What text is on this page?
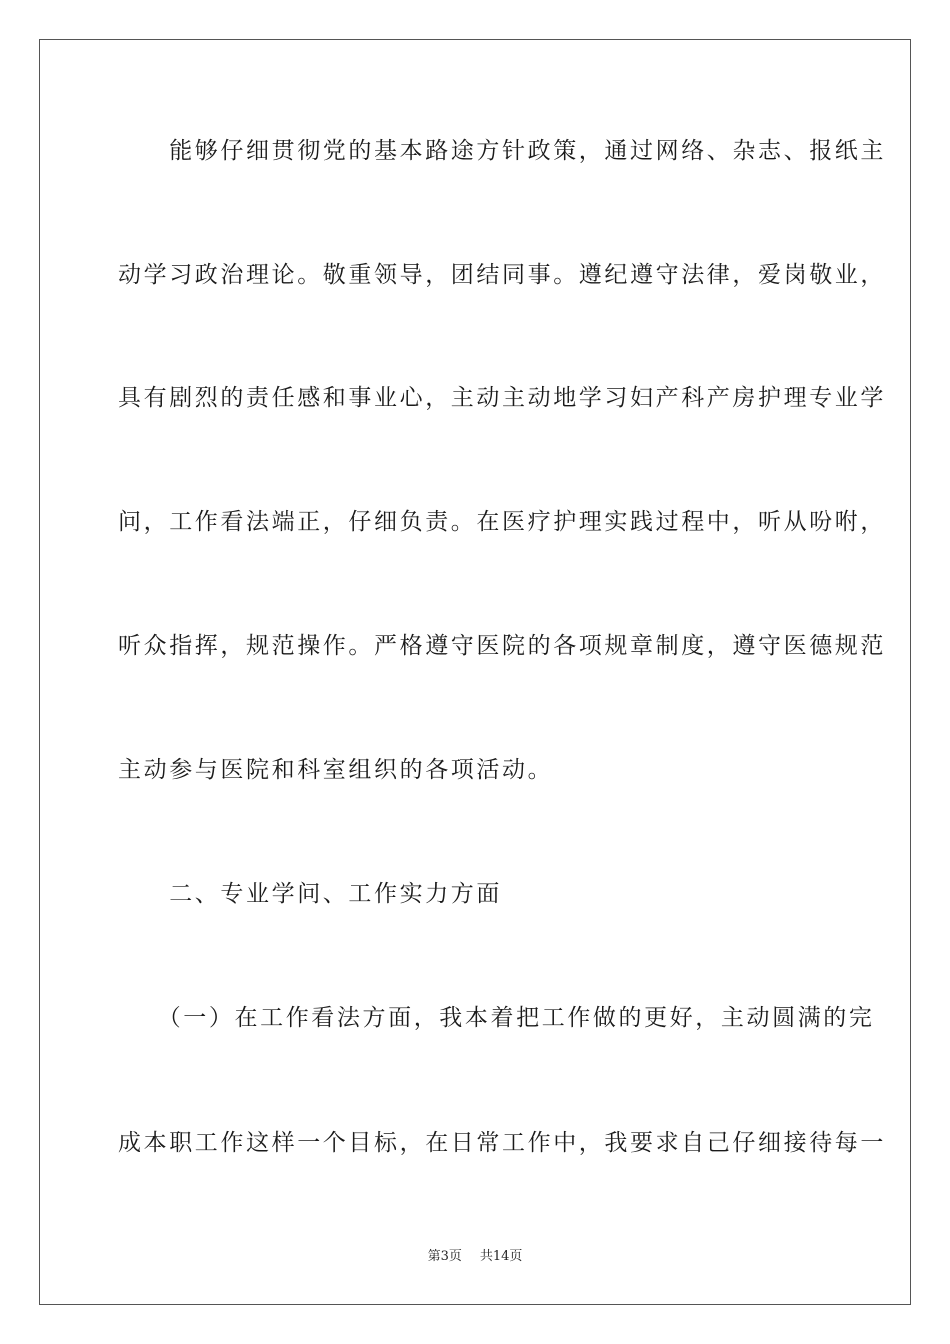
　　能够仔细贯彻党的基本路途方针政策，通过网络、杂志、报纸主
动学习政治理论。敬重领导，团结同事。遵纪遵守法律，爱岗敬业，
具有剧烈的责任感和事业心，主动主动地学习妇产科产房护理专业学
问，工作看法端正，仔细负责。在医疗护理实践过程中，听从吩咐，
听众指挥，规范操作。严格遵守医院的各项规章制度，遵守医德规范
主动参与医院和科室组织的各项活动。
　　二、专业学问、工作实力方面
　　（一）在工作看法方面，我本着把工作做的更好，主动圆满的完
成本职工作这样一个目标，在日常工作中，我要求自己仔细接待每一
第3页 共14页
